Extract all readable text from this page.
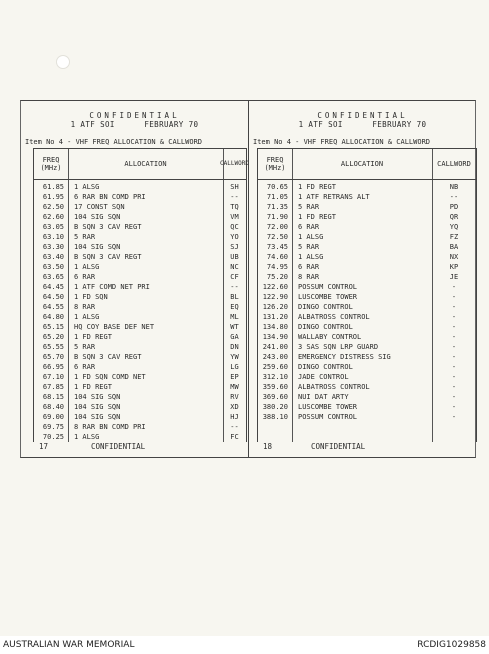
CONFIDENTIAL
1 ATF SOI      FEBRUARY 70
Item No 4 - VHF FREQ ALLOCATION & CALLWORD
FREQ (MHz)	ALLOCATION	CALLWORD
61.85 1 ALSG	SH
61.95 6 RAR BN COMD PRI	--
62.50 17 CONST SQN	TQ
62.60 104 SIG SQN	VM
63.05 B SQN 3 CAV REGT	QC
63.10 5 RAR	YO
63.30 104 SIG SQN	SJ
63.40 B SQN 3 CAV REGT	UB
63.50 1 ALSG	NC
63.65 6 RAR	CF
64.45 1 ATF COMD NET PRI	--
64.50 1 FD SQN	BL
64.55 8 RAR	EQ
64.80 1 ALSG	ML
65.15 HQ COY BASE DEF NET	WT
65.20 1 FD REGT	GA
65.55 5 RAR	DN
65.70 B SQN 3 CAV REGT	YW
66.95 6 RAR	LG
67.10 1 FD SQN COMD NET	EP
67.85 1 FD REGT	MW
68.15 104 SIG SQN	RV
68.40 104 SIG SQN	XD
69.00 104 SIG SQN	HJ
69.75 8 RAR BN COMD PRI	--
70.25 1 ALSG	FC
17	CONFIDENTIAL
CONFIDENTIAL
1 ATF SOI      FEBRUARY 70
Item No 4 - VHF FREQ ALLOCATION & CALLWORD
FREQ (MHz)	ALLOCATION	CALLWORD
70.65 1 FD REGT	NB
71.05 1 ATF RETRANS ALT	--
71.35 5 RAR	PD
71.90 1 FD REGT	QR
72.00 6 RAR	YQ
72.50 1 ALSG	FZ
73.45 5 RAR	BA
74.60 1 ALSG	NX
74.95 6 RAR	KP
75.20 8 RAR	JE
122.60 POSSUM CONTROL	-
122.90 LUSCOMBE TOWER	-
126.20 DINGO CONTROL	-
131.20 ALBATROSS CONTROL	-
134.80 DINGO CONTROL	-
134.90 WALLABY CONTROL	-
241.00 3 SAS SQN LRP GUARD	-
243.00 EMERGENCY DISTRESS SIG	-
259.60 DINGO CONTROL	-
312.10 JADE CONTROL	-
359.60 ALBATROSS CONTROL	-
369.60 NUI DAT ARTY	-
380.20 LUSCOMBE TOWER	-
388.10 POSSUM CONTROL	-
18	CONFIDENTIAL
AUSTRALIAN WAR MEMORIAL	RCDIG1029858
